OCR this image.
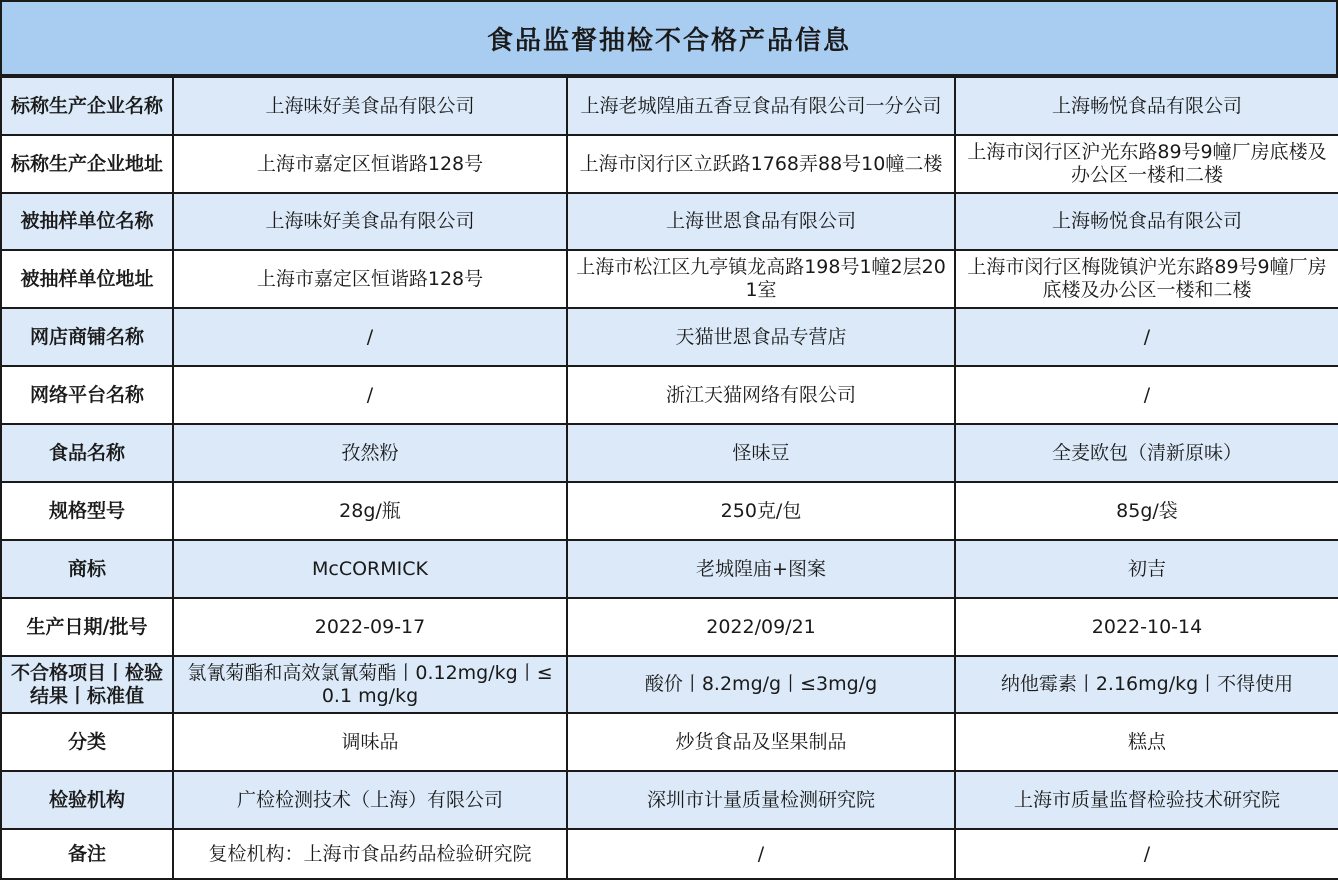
食品监督抽检不合格产品信息
标称生产企业名称	上海味好美食品有限公司	上海老城隍庙五香豆食品有限公司一分公司	上海畅悦食品有限公司
标称生产企业地址	上海市嘉定区恒谐路128号	上海市闵行区立跃路1768弄88号10幢二楼	上海市闵行区沪光东路89号9幢厂房底楼及办公区一楼和二楼
被抽样单位名称	上海味好美食品有限公司	上海世恩食品有限公司	上海畅悦食品有限公司
被抽样单位地址	上海市嘉定区恒谐路128号	上海市松江区九亭镇龙高路198号1幢2层201室	上海市闵行区梅陇镇沪光东路89号9幢厂房底楼及办公区一楼和二楼
网店商铺名称	/	天猫世恩食品专营店	/
网络平台名称	/	浙江天猫网络有限公司	/
食品名称	孜然粉	怪味豆	全麦欧包（清新原味）
规格型号	28g/瓶	250克/包	85g/袋
商标	McCORMICK	老城隍庙+图案	初吉
生产日期/批号	2022-09-17	2022/09/21	2022-10-14
不合格项目丨检验结果丨标准值	氯氰菊酯和高效氯氰菊酯丨0.12mg/kg丨≤0.1 mg/kg	酸价丨8.2mg/g丨≤3mg/g	纳他霉素丨2.16mg/kg丨不得使用
分类	调味品	炒货食品及坚果制品	糕点
检验机构	广检检测技术（上海）有限公司	深圳市计量质量检测研究院	上海市质量监督检验技术研究院
备注	复检机构：上海市食品药品检验研究院	/	/
